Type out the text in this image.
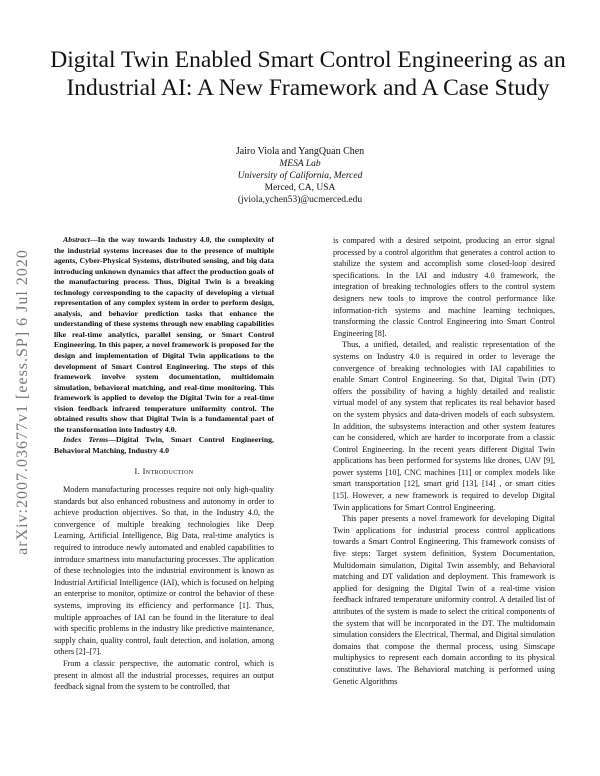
arXiv:2007.03677v1 [eess.SP] 6 Jul 2020
Digital Twin Enabled Smart Control Engineering as an Industrial AI: A New Framework and A Case Study
Jairo Viola and YangQuan Chen
MESA Lab
University of California, Merced
Merced, CA, USA
(jviola,ychen53)@ucmerced.edu

Abstract—In the way towards Industry 4.0, the complexity of the industrial systems increases due to the presence of multiple agents, Cyber-Physical Systems, distributed sensing, and big data introducing unknown dynamics that affect the production goals of the manufacturing process. Thus, Digital Twin is a breaking technology corresponding to the capacity of developing a virtual representation of any complex system in order to perform design, analysis, and behavior prediction tasks that enhance the understanding of these systems through new enabling capabilities like real-time analytics, parallel sensing, or Smart Control Engineering. In this paper, a novel framework is proposed for the design and implementation of Digital Twin applications to the development of Smart Control Engineering. The steps of this framework involve system documentation, multidomain simulation, behavioral matching, and real-time monitoring. This framework is applied to develop the Digital Twin for a real-time vision feedback infrared temperature uniformity control. The obtained results show that Digital Twin is a fundamental part of the transformation into Industry 4.0.

Index Terms—Digital Twin, Smart Control Engineering, Behavioral Matching, Industry 4.0

I. Introduction

Modern manufacturing processes require not only high-quality standards but also enhanced robustness and autonomy in order to achieve production objectives. So that, in the Industry 4.0, the convergence of multiple breaking technologies like Deep Learning, Artificial Intelligence, Big Data, real-time analytics is required to introduce newly automated and enabled capabilities to introduce smartness into manufacturing processes. The application of these technologies into the industrial environment is known as Industrial Artificial Intelligence (IAI), which is focused on helping an enterprise to monitor, optimize or control the behavior of these systems, improving its efficiency and performance [1]. Thus, multiple approaches of IAI can be found in the literature to deal with specific problems in the industry like predictive maintenance, supply chain, quality control, fault detection, and isolation, among others [2]–[7].

From a classic perspective, the automatic control, which is present in almost all the industrial processes, requires an output feedback signal from the system to be controlled, that

is compared with a desired setpoint, producing an error signal processed by a control algorithm that generates a control action to stabilize the system and accomplish some closed-loop desired specifications. In the IAI and industry 4.0 framework, the integration of breaking technologies offers to the control system designers new tools to improve the control performance like information-rich systems and machine learning techniques, transforming the classic Control Engineering into Smart Control Engineering [8].

Thus, a unified, detailed, and realistic representation of the systems on Industry 4.0 is required in order to leverage the convergence of breaking technologies with IAI capabilities to enable Smart Control Engineering. So that, Digital Twin (DT) offers the possibility of having a highly detailed and realistic virtual model of any system that replicates its real behavior based on the system physics and data-driven models of each subsystem. In addition, the subsystems interaction and other system features can be considered, which are harder to incorporate from a classic Control Engineering. In the recent years different Digital Twin applications has been performed for systems like drones, UAV [9], power systems [10], CNC machines [11] or complex models like smart transportation [12], smart grid [13], [14] , or smart cities [15]. However, a new framework is required to develop Digital Twin applications for Smart Control Engineering.

This paper presents a novel framework for developing Digital Twin applications for industrial process control applications towards a Smart Control Engineering. This framework consists of five steps: Target system definition, System Documentation, Multidomain simulation, Digital Twin assembly, and Behavioral matching and DT validation and deployment. This framework is applied for designing the Digital Twin of a real-time vision feedback infrared temperature uniformity control. A detailed list of attributes of the system is made to select the critical components of the system that will be incorporated in the DT. The multidomain simulation considers the Electrical, Thermal, and Digital simulation domains that compose the thermal process, using Simscape multiphysics to represent each domain according to its physical constitutive laws. The Behavioral matching is performed using Genetic Algorithms
